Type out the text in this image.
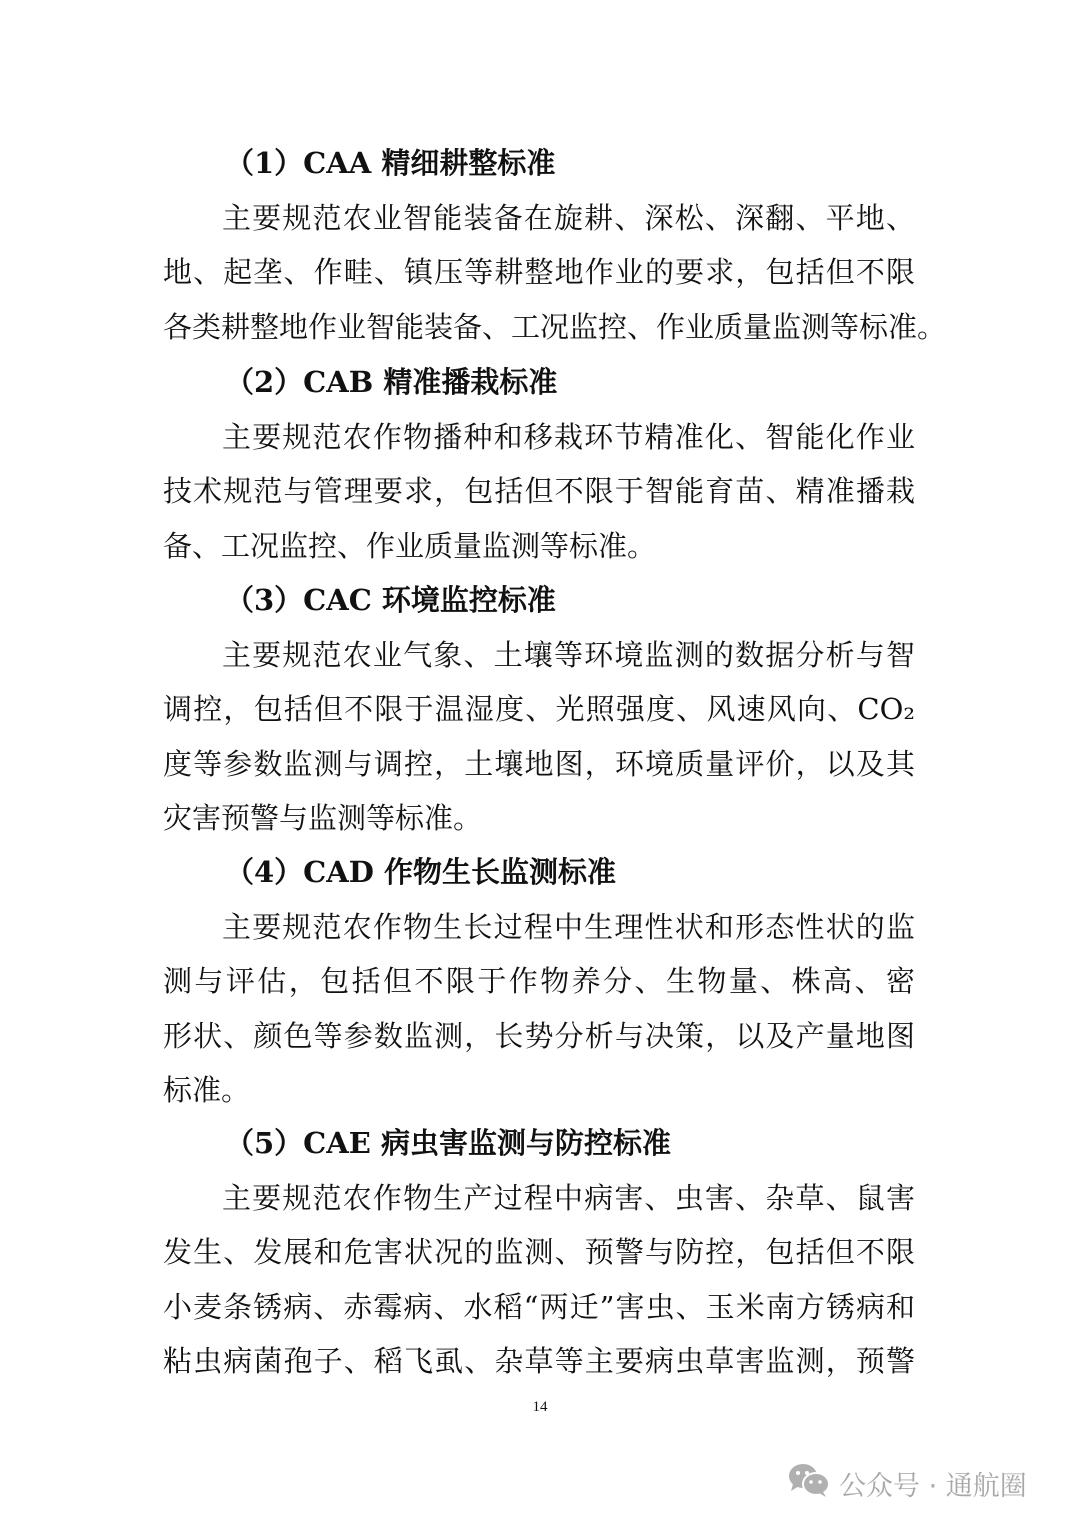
（1）CAA 精细耕整标准
主要规范农业智能装备在旋耕、深松、深翻、平地、
地、起垄、作畦、镇压等耕整地作业的要求，包括但不限
各类耕整地作业智能装备、工况监控、作业质量监测等标准。
（2）CAB 精准播栽标准
主要规范农作物播种和移栽环节精准化、智能化作业
技术规范与管理要求，包括但不限于智能育苗、精准播栽
备、工况监控、作业质量监测等标准。
（3）CAC 环境监控标准
主要规范农业气象、土壤等环境监测的数据分析与智
调控，包括但不限于温湿度、光照强度、风速风向、CO₂
度等参数监测与调控，土壤地图，环境质量评价，以及其
灾害预警与监测等标准。
（4）CAD 作物生长监测标准
主要规范农作物生长过程中生理性状和形态性状的监
测与评估，包括但不限于作物养分、生物量、株高、密
形状、颜色等参数监测，长势分析与决策，以及产量地图
标准。
（5）CAE 病虫害监测与防控标准
主要规范农作物生产过程中病害、虫害、杂草、鼠害
发生、发展和危害状况的监测、预警与防控，包括但不限
小麦条锈病、赤霉病、水稻“两迁”害虫、玉米南方锈病和
粘虫病菌孢子、稻飞虱、杂草等主要病虫草害监测，预警
14
公众号 · 通航圈
